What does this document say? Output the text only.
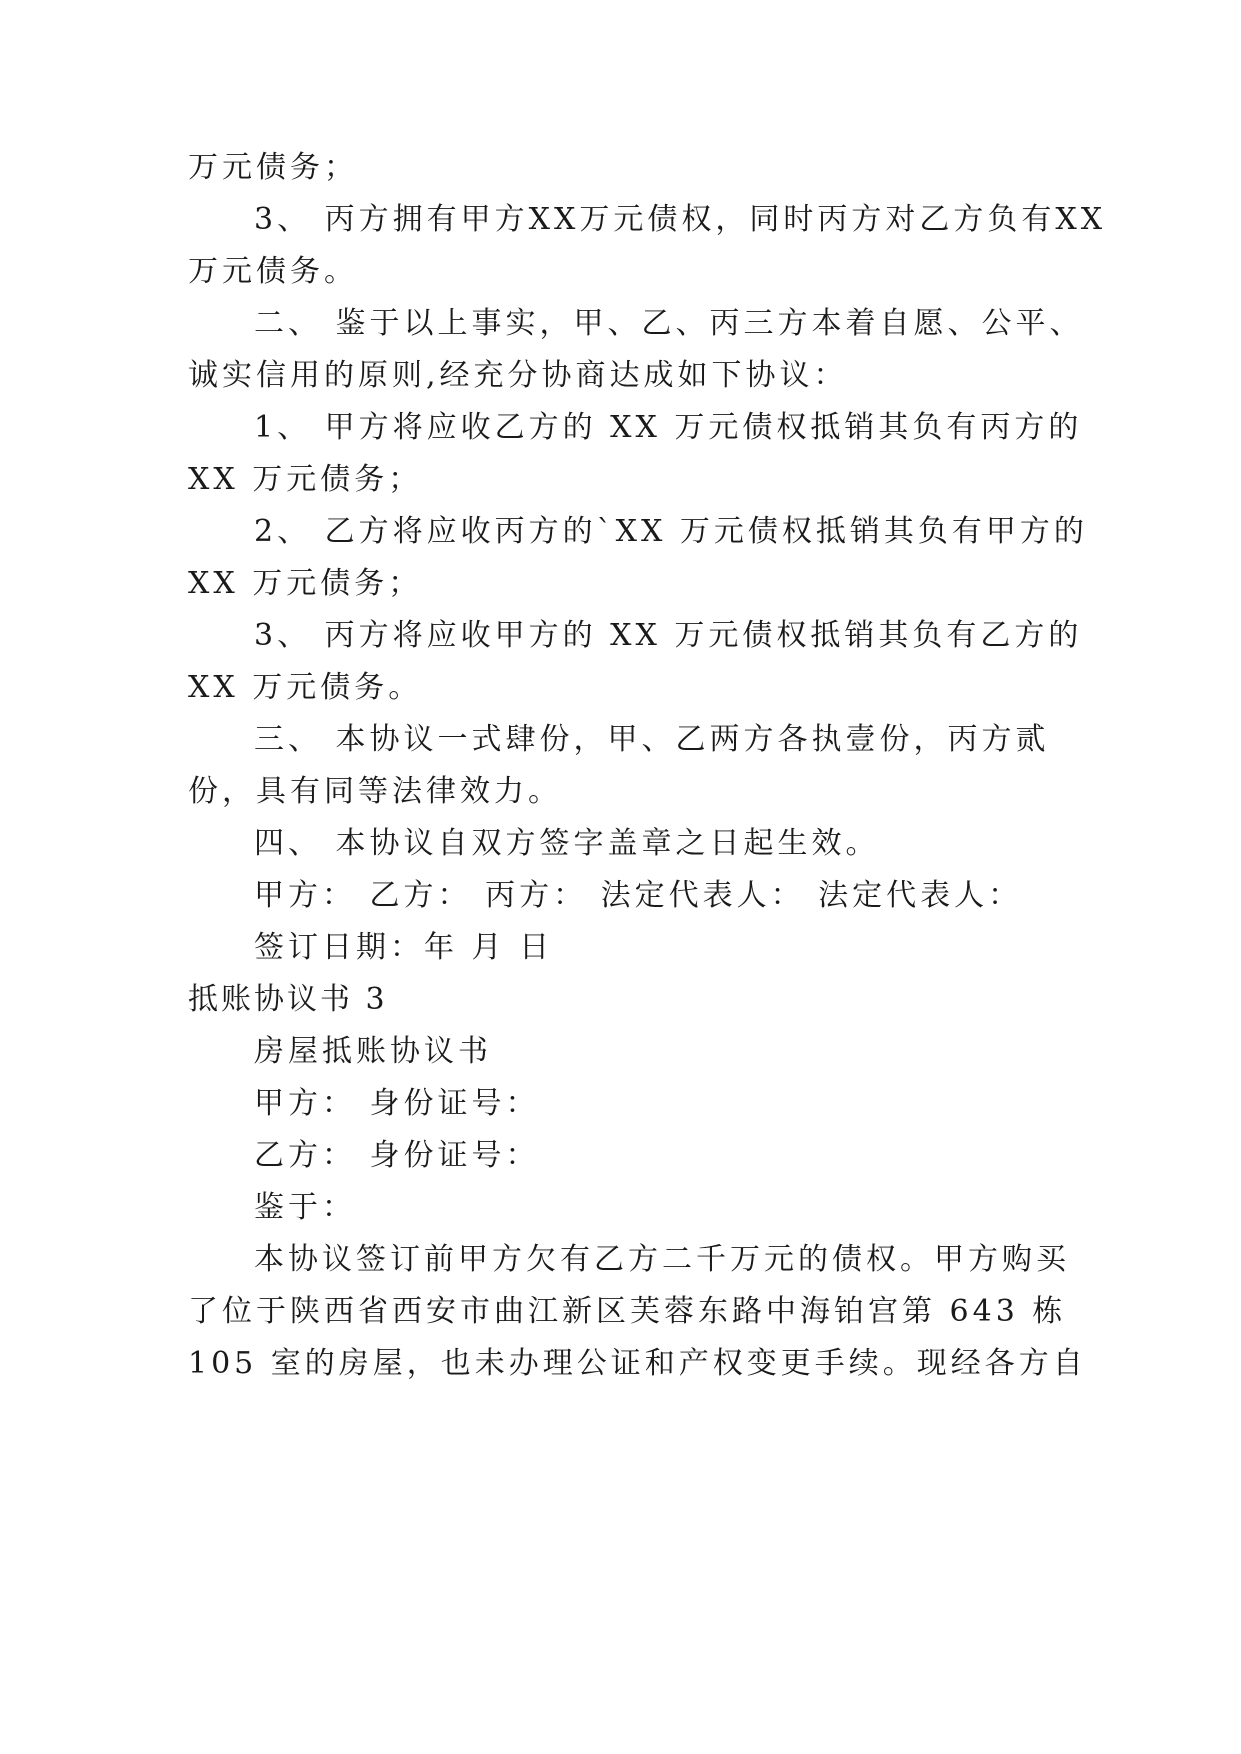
万元债务；
3、 丙方拥有甲方XX万元债权，同时丙方对乙方负有XX
万元债务。
二、 鉴于以上事实，甲、乙、丙三方本着自愿、公平、
诚实信用的原则,经充分协商达成如下协议：
1、 甲方将应收乙方的 XX 万元债权抵销其负有丙方的
XX 万元债务；
2、 乙方将应收丙方的`XX 万元债权抵销其负有甲方的
XX 万元债务；
3、 丙方将应收甲方的 XX 万元债权抵销其负有乙方的
XX 万元债务。
三、 本协议一式肆份，甲、乙两方各执壹份，丙方贰
份，具有同等法律效力。
四、 本协议自双方签字盖章之日起生效。
甲方： 乙方： 丙方： 法定代表人： 法定代表人：
签订日期：年 月 日
抵账协议书 3
房屋抵账协议书
甲方： 身份证号：
乙方： 身份证号：
鉴于：
本协议签订前甲方欠有乙方二千万元的债权。甲方购买
了位于陕西省西安市曲江新区芙蓉东路中海铂宫第 643 栋
105 室的房屋，也未办理公证和产权变更手续。现经各方自
